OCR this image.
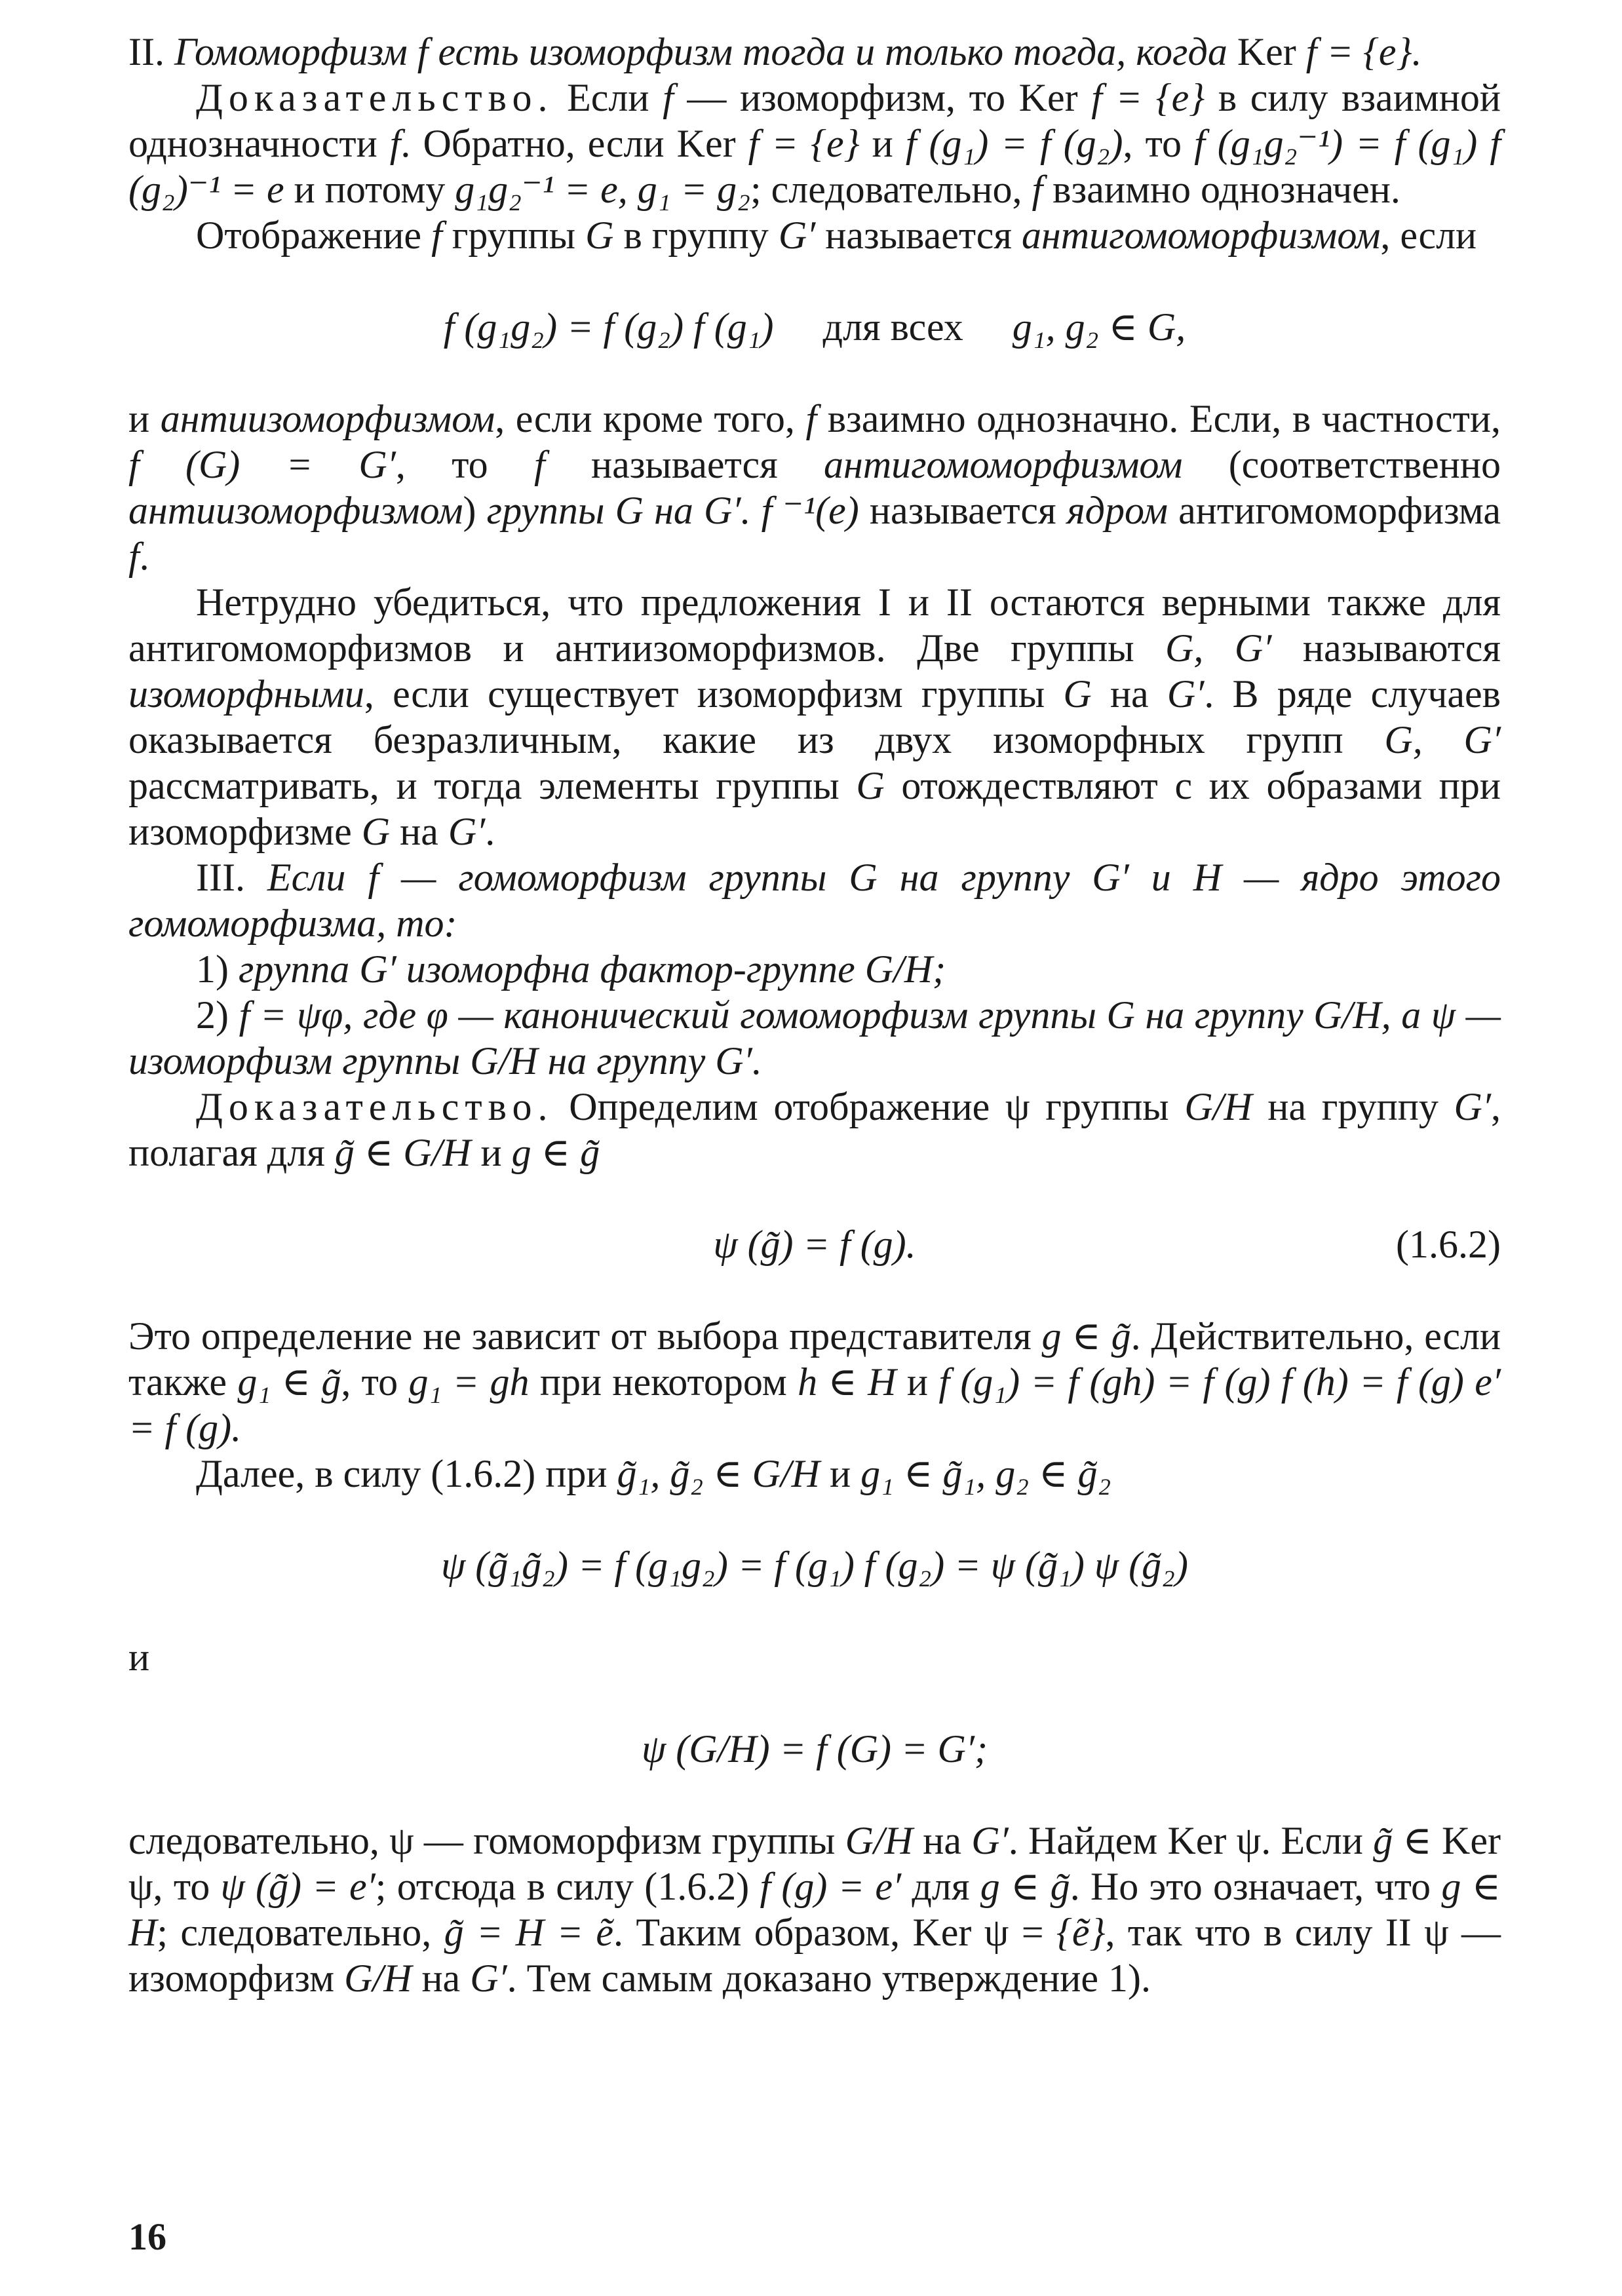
II. Гомоморфизм f есть изоморфизм тогда и только тогда, когда Ker f = {e}.

Доказательство. Если f — изоморфизм, то Ker f = {e} в силу взаимной однозначности f. Обратно, если Ker f = {e} и f (g₁) = f (g₂), то f (g₁g₂⁻¹) = f (g₁) f (g₂)⁻¹ = e и потому g₁g₂⁻¹ = e, g₁ = g₂; следовательно, f взаимно однозначен.

Отображение f группы G в группу G′ называется антигомоморфизмом, если

f (g₁g₂) = f (g₂) f (g₁)     для всех     g₁, g₂ ∈ G,

и антиизоморфизмом, если кроме того, f взаимно однозначно. Если, в частности, f (G) = G′, то f называется антигомоморфизмом (соответственно антиизоморфизмом) группы G на G′. f ⁻¹(e) называется ядром антигомоморфизма f.

Нетрудно убедиться, что предложения I и II остаются верными также для антигомоморфизмов и антиизоморфизмов. Две группы G, G′ называются изоморфными, если существует изоморфизм группы G на G′. В ряде случаев оказывается безразличным, какие из двух изоморфных групп G, G′ рассматривать, и тогда элементы группы G отождествляют с их образами при изоморфизме G на G′.

III. Если f — гомоморфизм группы G на группу G′ и H — ядро этого гомоморфизма, то:

1) группа G′ изоморфна фактор-группе G/H;

2) f = ψφ, где φ — канонический гомоморфизм группы G на группу G/H, а ψ — изоморфизм группы G/H на группу G′.

Доказательство. Определим отображение ψ группы G/H на группу G′, полагая для g̃ ∈ G/H и g ∈ g̃

ψ (g̃) = f (g).	(1.6.2)

Это определение не зависит от выбора представителя g ∈ g̃. Действительно, если также g₁ ∈ g̃, то g₁ = gh при некотором h ∈ H и f (g₁) = f (gh) = f (g) f (h) = f (g) e′ = f (g).

Далее, в силу (1.6.2) при g̃₁, g̃₂ ∈ G/H и g₁ ∈ g̃₁, g₂ ∈ g̃₂

ψ (g̃₁g̃₂) = f (g₁g₂) = f (g₁) f (g₂) = ψ (g̃₁) ψ (g̃₂)

и

ψ (G/H) = f (G) = G′;

следовательно, ψ — гомоморфизм группы G/H на G′. Найдем Ker ψ. Если g̃ ∈ Ker ψ, то ψ (g̃) = e′; отсюда в силу (1.6.2) f (g) = e′ для g ∈ g̃. Но это означает, что g ∈ H; следовательно, g̃ = H = ẽ. Таким образом, Ker ψ = {ẽ}, так что в силу II ψ — изоморфизм G/H на G′. Тем самым доказано утверждение 1).

16
